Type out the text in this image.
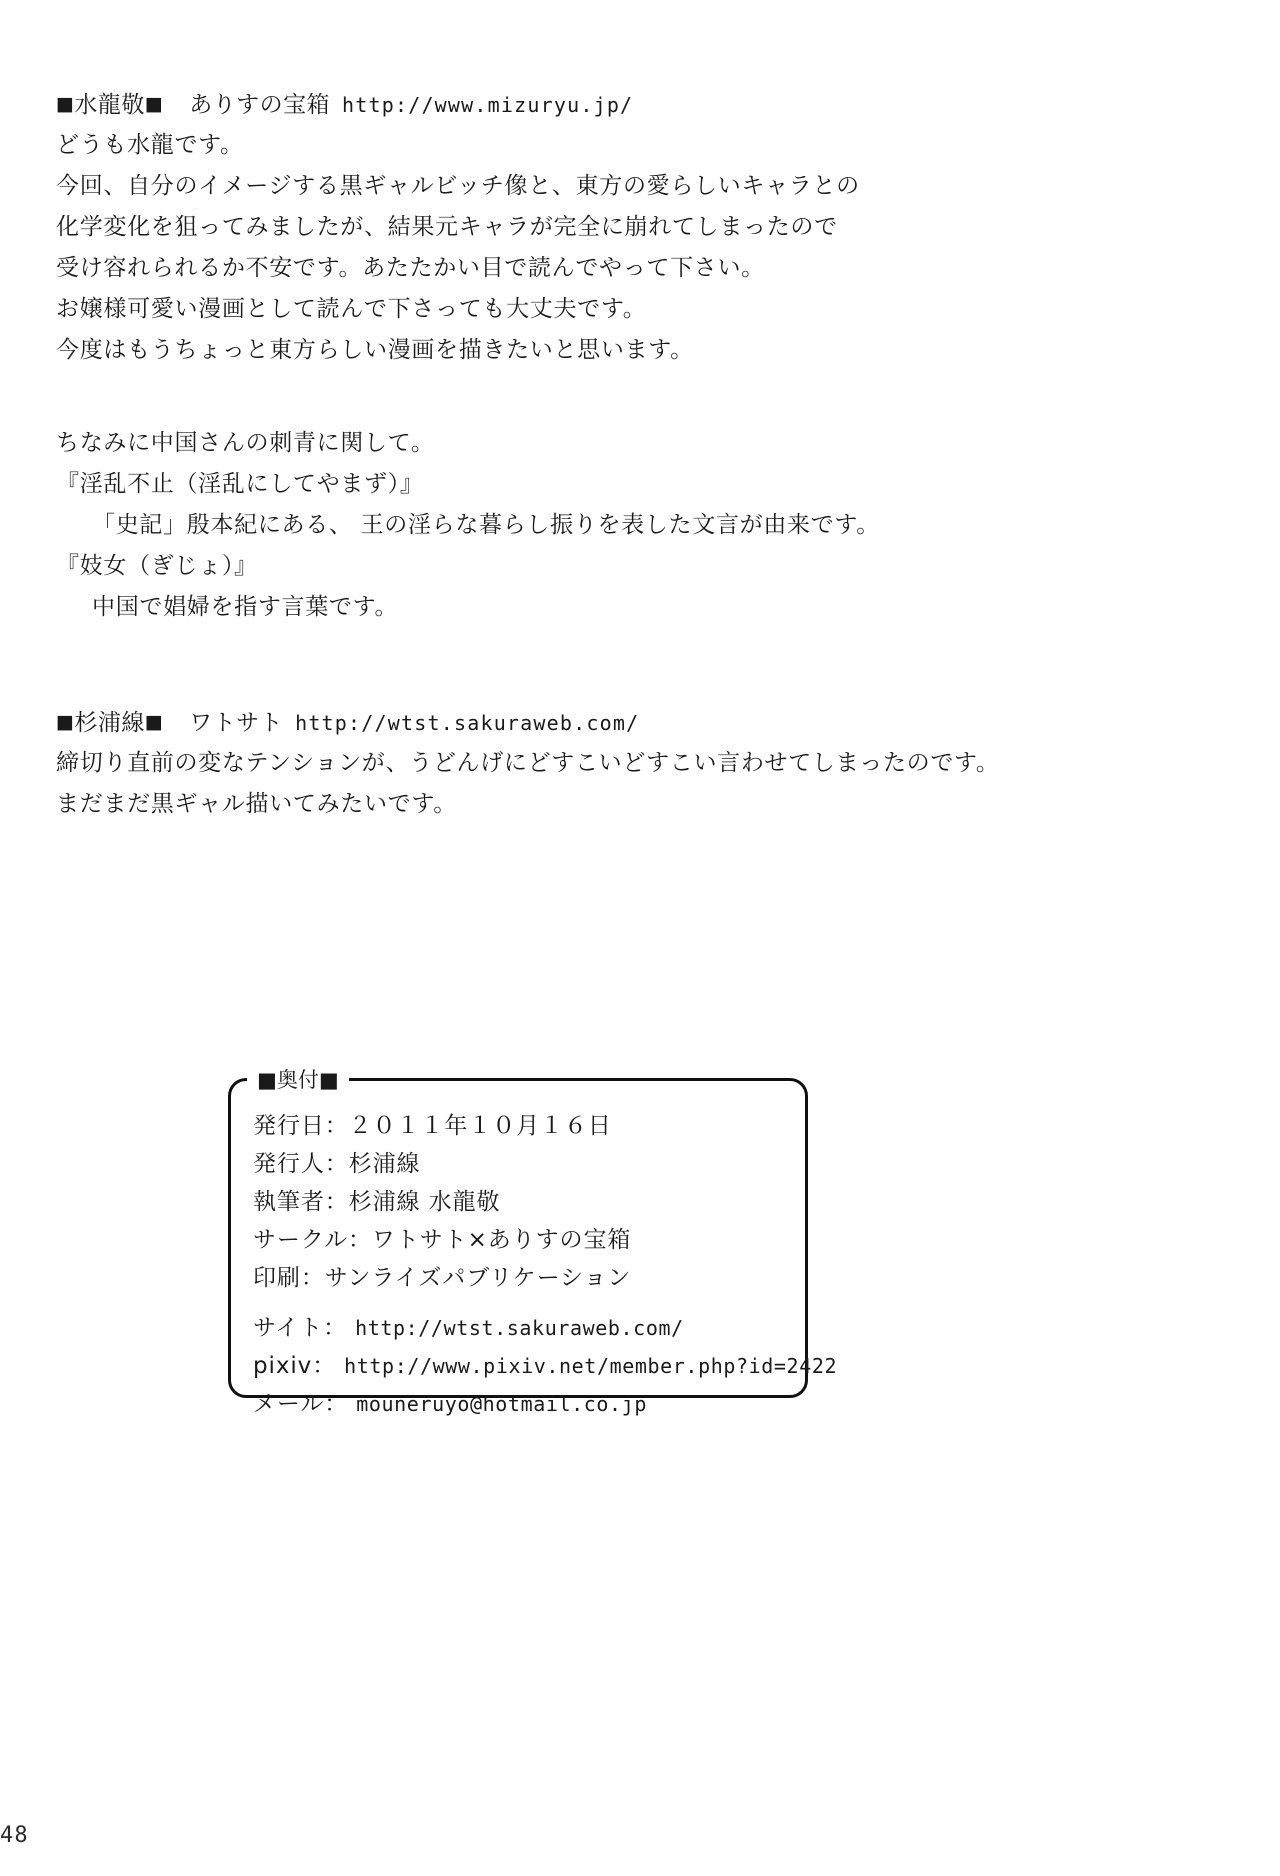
■水龍敬■ ありすの宝箱 http://www.mizuryu.jp/
どうも水龍です。
今回、自分のイメージする黒ギャルビッチ像と、東方の愛らしいキャラとの
化学変化を狙ってみましたが、結果元キャラが完全に崩れてしまったので
受け容れられるか不安です。あたたかい目で読んでやって下さい。
お嬢様可愛い漫画として読んで下さっても大丈夫です。
今度はもうちょっと東方らしい漫画を描きたいと思います。
ちなみに中国さんの刺青に関して。
『淫乱不止（淫乱にしてやまず）』
「史記」殷本紀にある、 王の淫らな暮らし振りを表した文言が由来です。
『妓女（ぎじょ）』
中国で娼婦を指す言葉です。
■杉浦線■ ワトサト http://wtst.sakuraweb.com/
締切り直前の変なテンションが、うどんげにどすこいどすこい言わせてしまったのです。
まだまだ黒ギャル描いてみたいです。
■奥付■
発行日：２０１１年１０月１６日
発行人：杉浦線
執筆者：杉浦線 水龍敬
サークル：ワトサト×ありすの宝箱
印刷：サンライズパブリケーション
サイト： http://wtst.sakuraweb.com/
pixiv： http://www.pixiv.net/member.php?id=2422
メール： mouneruyo@hotmail.co.jp
48
